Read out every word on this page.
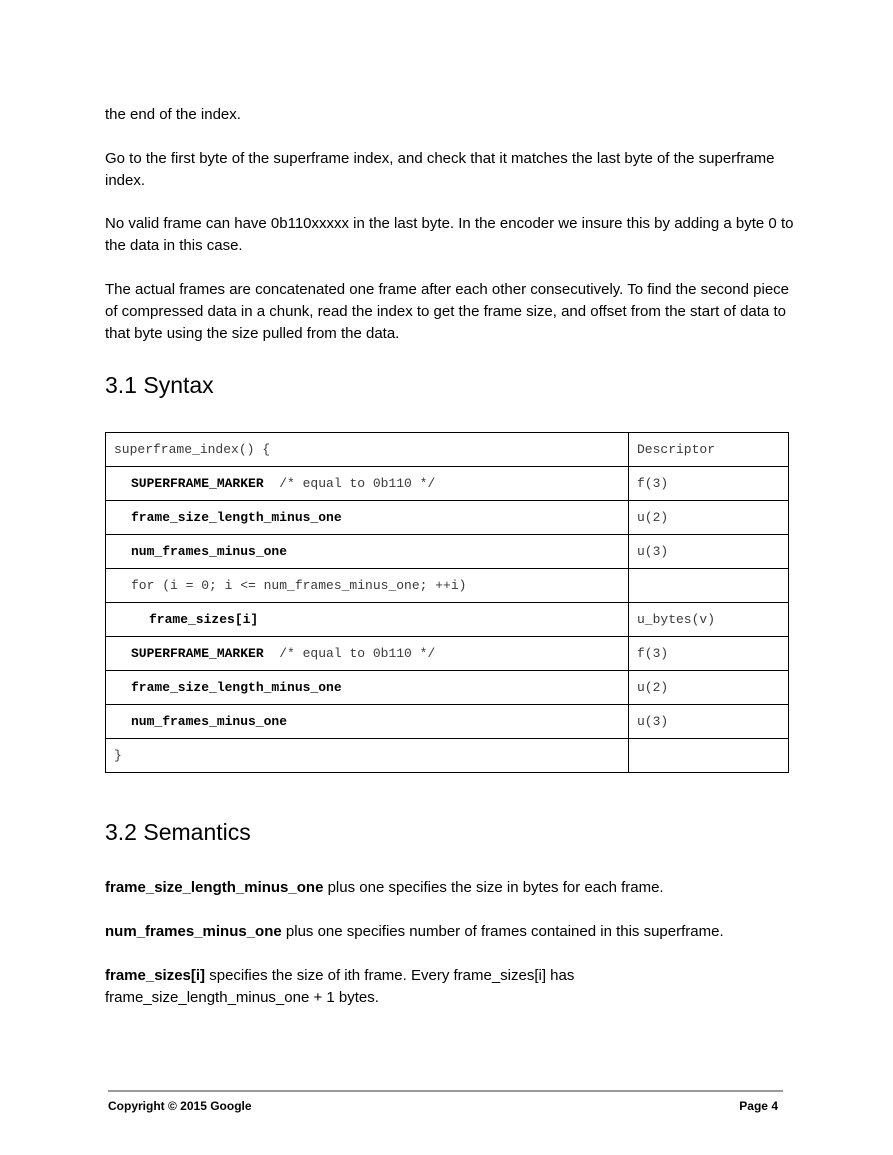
the end of the index.

Go to the first byte of the superframe index, and check that it matches the last byte of the superframe index.

No valid frame can have 0b110xxxxx in the last byte. In the encoder we insure this by adding a byte 0 to the data in this case.

The actual frames are concatenated one frame after each other consecutively. To find the second piece of compressed data in a chunk, read the index to get the frame size, and offset from the start of data to that byte using the size pulled from the data.

3.1 Syntax
superframe_index() {	Descriptor
SUPERFRAME_MARKER  /* equal to 0b110 */	f(3)
frame_size_length_minus_one	u(2)
num_frames_minus_one	u(3)
for (i = 0; i <= num_frames_minus_one; ++i)	
frame_sizes[i]	u_bytes(v)
SUPERFRAME_MARKER  /* equal to 0b110 */	f(3)
frame_size_length_minus_one	u(2)
num_frames_minus_one	u(3)
}	
3.2 Semantics

frame_size_length_minus_one plus one specifies the size in bytes for each frame.

num_frames_minus_one plus one specifies number of frames contained in this superframe.

frame_sizes[i] specifies the size of ith frame. Every frame_sizes[i] has frame_size_length_minus_one + 1 bytes.

Copyright © 2015 Google	Page 4
